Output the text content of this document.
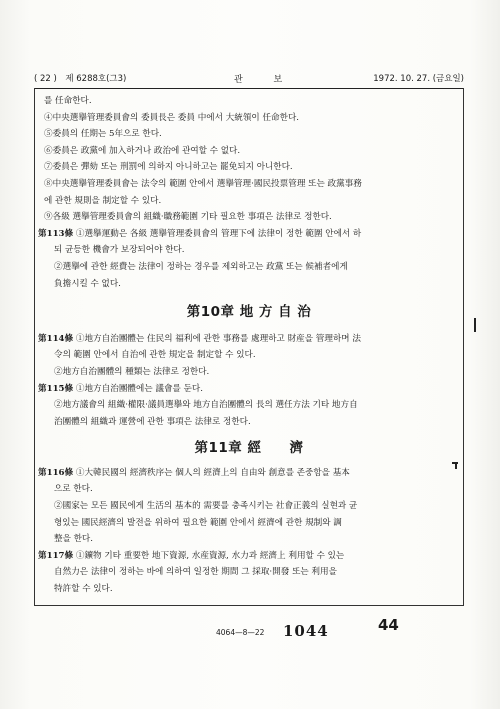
( 22 )　제 6288호(그3)	관 보	1972. 10. 27. (금요일)
를 任命한다.
④中央選擧管理委員會의 委員長은 委員 中에서 大統領이 任命한다.
⑤委員의 任期는 5年으로 한다.
⑥委員은 政黨에 加入하거나 政治에 관여할 수 없다.
⑦委員은 彈劾 또는 刑罰에 의하지 아니하고는 罷免되지 아니한다.
⑧中央選擧管理委員會는 法令의 範圍 안에서 選擧管理·國民投票管理 또는 政黨事務
에 관한 規則을 制定할 수 있다.
⑨各級 選擧管理委員會의 組織·職務範圍 기타 필요한 事項은 法律로 정한다.
第113條 ①選擧運動은 各級 選擧管理委員會의 管理下에 法律이 정한 範圍 안에서 하
되 균등한 機會가 보장되어야 한다.
②選擧에 관한 經費는 法律이 정하는 경우를 제외하고는 政黨 또는 候補者에게
負擔시킬 수 없다.
第10章 地 方 自 治
第114條 ①地方自治團體는 住民의 福利에 관한 事務를 處理하고 財産을 管理하며 法
令의 範圍 안에서 自治에 관한 規定을 制定할 수 있다.
②地方自治團體의 種類는 法律로 정한다.
第115條 ①地方自治團體에는 議會를 둔다.
②地方議會의 組織·權限·議員選擧와 地方自治團體의 長의 選任方法 기타 地方自
治團體의 組織과 運營에 관한 事項은 法律로 정한다.
第11章 經　　濟
第116條 ①大韓民國의 經濟秩序는 個人의 經濟上의 自由와 創意를 존중함을 基本
으로 한다.
②國家는 모든 國民에게 生活의 基本的 需要를 충족시키는 社會正義의 실현과 균
형있는 國民經濟의 발전을 위하여 필요한 範圍 안에서 經濟에 관한 規制와 調
整을 한다.
第117條 ①鑛物 기타 重要한 地下資源, 水産資源, 水力과 經濟上 利用할 수 있는
自然力은 法律이 정하는 바에 의하여 일정한 期間 그 採取·開發 또는 利用을
特許할 수 있다.
4064—8—22 1044	44
